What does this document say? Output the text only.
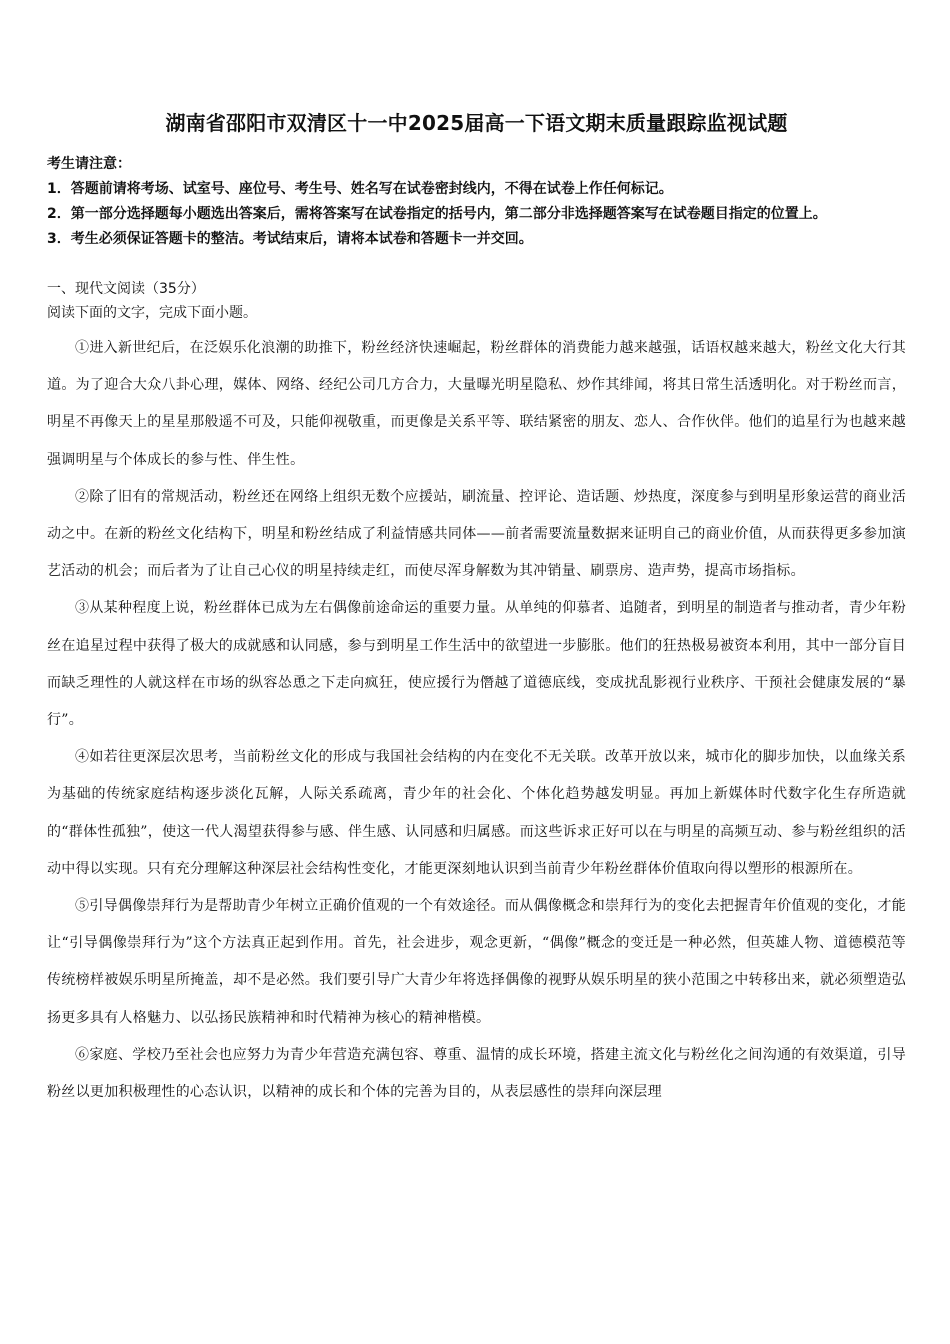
湖南省邵阳市双清区十一中2025届高一下语文期末质量跟踪监视试题

考生请注意：

1．答题前请将考场、试室号、座位号、考生号、姓名写在试卷密封线内，不得在试卷上作任何标记。

2．第一部分选择题每小题选出答案后，需将答案写在试卷指定的括号内，第二部分非选择题答案写在试卷题目指定的位置上。

3．考生必须保证答题卡的整洁。考试结束后，请将本试卷和答题卡一并交回。

一、现代文阅读（35分）
阅读下面的文字，完成下面小题。

①进入新世纪后，在泛娱乐化浪潮的助推下，粉丝经济快速崛起，粉丝群体的消费能力越来越强，话语权越来越大，粉丝文化大行其道。为了迎合大众八卦心理，媒体、网络、经纪公司几方合力，大量曝光明星隐私、炒作其绯闻，将其日常生活透明化。对于粉丝而言，明星不再像天上的星星那般遥不可及，只能仰视敬重，而更像是关系平等、联结紧密的朋友、恋人、合作伙伴。他们的追星行为也越来越强调明星与个体成长的参与性、伴生性。

②除了旧有的常规活动，粉丝还在网络上组织无数个应援站，刷流量、控评论、造话题、炒热度，深度参与到明星形象运营的商业活动之中。在新的粉丝文化结构下，明星和粉丝结成了利益情感共同体——前者需要流量数据来证明自己的商业价值，从而获得更多参加演艺活动的机会；而后者为了让自己心仪的明星持续走红，而使尽浑身解数为其冲销量、刷票房、造声势，提高市场指标。

③从某种程度上说，粉丝群体已成为左右偶像前途命运的重要力量。从单纯的仰慕者、追随者，到明星的制造者与推动者，青少年粉丝在追星过程中获得了极大的成就感和认同感，参与到明星工作生活中的欲望进一步膨胀。他们的狂热极易被资本利用，其中一部分盲目而缺乏理性的人就这样在市场的纵容怂恿之下走向疯狂，使应援行为僭越了道德底线，变成扰乱影视行业秩序、干预社会健康发展的“暴行”。

④如若往更深层次思考，当前粉丝文化的形成与我国社会结构的内在变化不无关联。改革开放以来，城市化的脚步加快，以血缘关系为基础的传统家庭结构逐步淡化瓦解，人际关系疏离，青少年的社会化、个体化趋势越发明显。再加上新媒体时代数字化生存所造就的“群体性孤独”，使这一代人渴望获得参与感、伴生感、认同感和归属感。而这些诉求正好可以在与明星的高频互动、参与粉丝组织的活动中得以实现。只有充分理解这种深层社会结构性变化，才能更深刻地认识到当前青少年粉丝群体价值取向得以塑形的根源所在。

⑤引导偶像崇拜行为是帮助青少年树立正确价值观的一个有效途径。而从偶像概念和崇拜行为的变化去把握青年价值观的变化，才能让“引导偶像崇拜行为”这个方法真正起到作用。首先，社会进步，观念更新，“偶像”概念的变迁是一种必然，但英雄人物、道德模范等传统榜样被娱乐明星所掩盖，却不是必然。我们要引导广大青少年将选择偶像的视野从娱乐明星的狭小范围之中转移出来，就必须塑造弘扬更多具有人格魅力、以弘扬民族精神和时代精神为核心的精神楷模。

⑥家庭、学校乃至社会也应努力为青少年营造充满包容、尊重、温情的成长环境，搭建主流文化与粉丝化之间沟通的有效渠道，引导粉丝以更加积极理性的心态认识，以精神的成长和个体的完善为目的，从表层感性的崇拜向深层理
